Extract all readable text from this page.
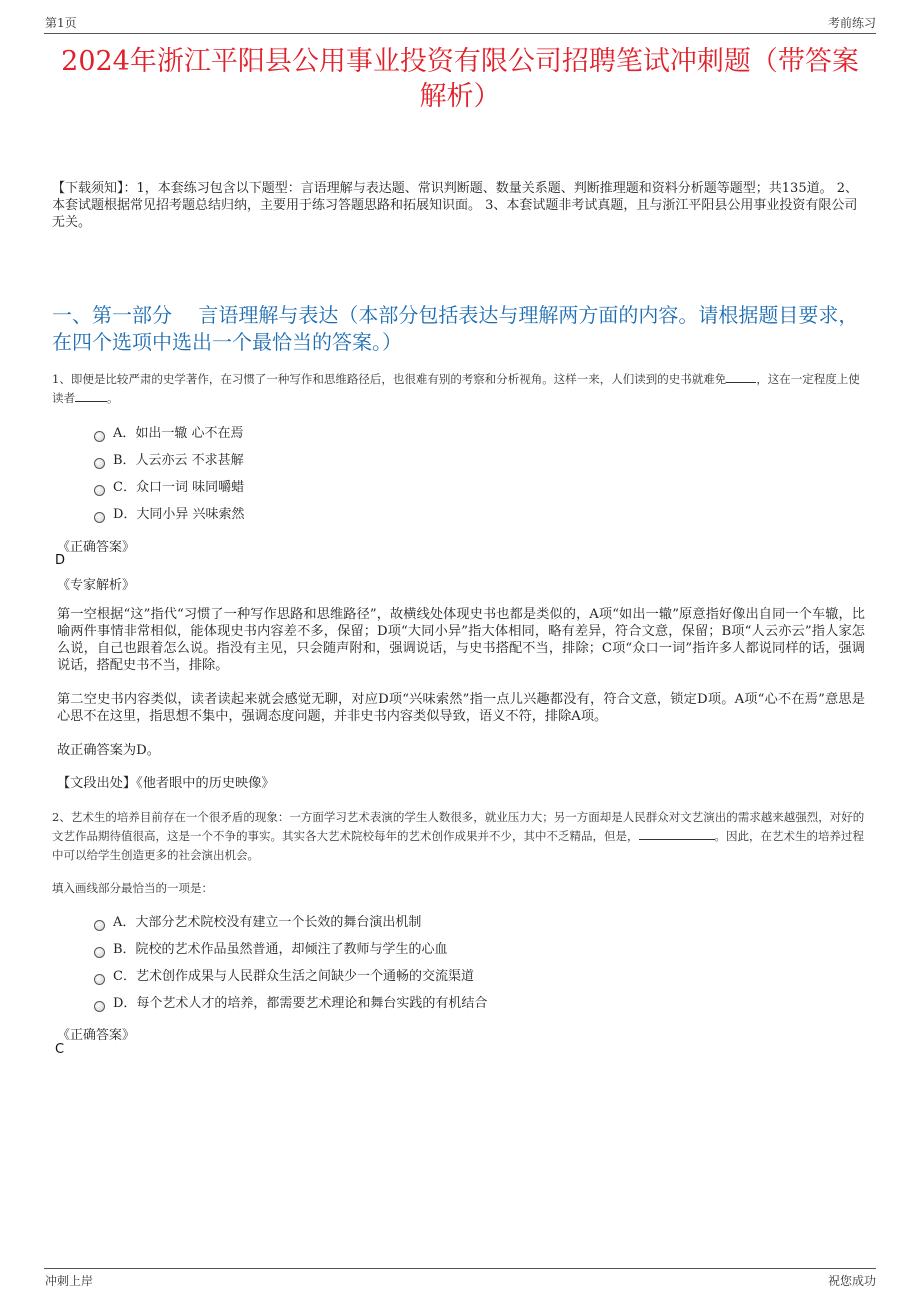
第1页	考前练习
2024年浙江平阳县公用事业投资有限公司招聘笔试冲刺题（带答案解析）
【下载须知】：1，本套练习包含以下题型：言语理解与表达题、常识判断题、数量关系题、判断推理题和资料分析题等题型；共135道。 2、本套试题根据常见招考题总结归纳，主要用于练习答题思路和拓展知识面。 3、本套试题非考试真题，且与浙江平阳县公用事业投资有限公司无关。
一、第一部分　 言语理解与表达（本部分包括表达与理解两方面的内容。请根据题目要求，在四个选项中选出一个最恰当的答案。）
1、即便是比较严肃的史学著作，在习惯了一种写作和思维路径后，也很难有别的考察和分析视角。这样一来，人们读到的史书就难免	，这在一定程度上使读者	。
A．如出一辙 心不在焉
B．人云亦云 不求甚解
C．众口一词 味同嚼蜡
D．大同小异 兴味索然
《正确答案》
D
《专家解析》
第一空根据“这”指代“习惯了一种写作思路和思维路径”，故横线处体现史书也都是类似的，A项“如出一辙”原意指好像出自同一个车辙，比喻两件事情非常相似，能体现史书内容差不多，保留；D项“大同小异”指大体相同，略有差异，符合文意，保留；B项“人云亦云”指人家怎么说，自己也跟着怎么说。指没有主见，只会随声附和，强调说话，与史书搭配不当，排除；C项“众口一词”指许多人都说同样的话，强调说话，搭配史书不当，排除。
第二空史书内容类似，读者读起来就会感觉无聊，对应D项“兴味索然”指一点儿兴趣都没有，符合文意，锁定D项。A项“心不在焉”意思是心思不在这里，指思想不集中，强调态度问题，并非史书内容类似导致，语义不符，排除A项。
故正确答案为D。
【文段出处】《他者眼中的历史映像》
2、艺术生的培养目前存在一个很矛盾的现象：一方面学习艺术表演的学生人数很多，就业压力大；另一方面却是人民群众对文艺演出的需求越来越强烈，对好的文艺作品期待值很高，这是一个不争的事实。其实各大艺术院校每年的艺术创作成果并不少，其中不乏精品，但是，	。因此，在艺术生的培养过程中可以给学生创造更多的社会演出机会。
填入画线部分最恰当的一项是：
A．大部分艺术院校没有建立一个长效的舞台演出机制
B．院校的艺术作品虽然普通，却倾注了教师与学生的心血
C．艺术创作成果与人民群众生活之间缺少一个通畅的交流渠道
D．每个艺术人才的培养，都需要艺术理论和舞台实践的有机结合
《正确答案》
C
冲刺上岸	祝您成功
